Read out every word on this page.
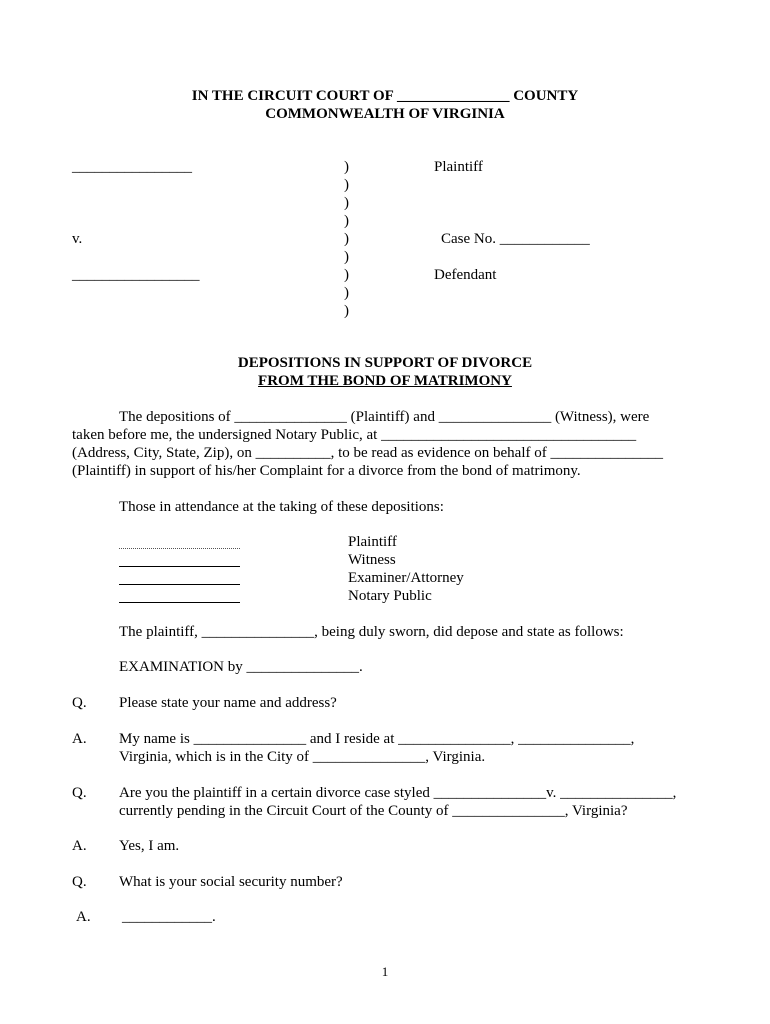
IN THE CIRCUIT COURT OF _______________ COUNTY
COMMONWEALTH OF VIRGINIA
________________
v.
_________________
)
)
)
)
)
)
)
)
)
Plaintiff
Case No. ____________
Defendant
DEPOSITIONS IN SUPPORT OF DIVORCE
FROM THE BOND OF MATRIMONY
The depositions of _______________ (Plaintiff) and _______________ (Witness), were
taken before me, the undersigned Notary Public, at __________________________________
(Address, City, State, Zip), on __________, to be read as evidence on behalf of _______________
(Plaintiff) in support of his/her Complaint for a divorce from the bond of matrimony.
Those in attendance at the taking of these depositions:
Plaintiff
Witness
Examiner/Attorney
Notary Public
The plaintiff, _______________, being duly sworn, did depose and state as follows:
EXAMINATION by _______________.
Q. Please state your name and address?
A. My name is _______________ and I reside at _______________, _______________,
Virginia, which is in the City of _______________, Virginia.
Q. Are you the plaintiff in a certain divorce case styled _______________v. _______________,
currently pending in the Circuit Court of the County of _______________, Virginia?
A. Yes, I am.
Q. What is your social security number?
A. ____________.
1
